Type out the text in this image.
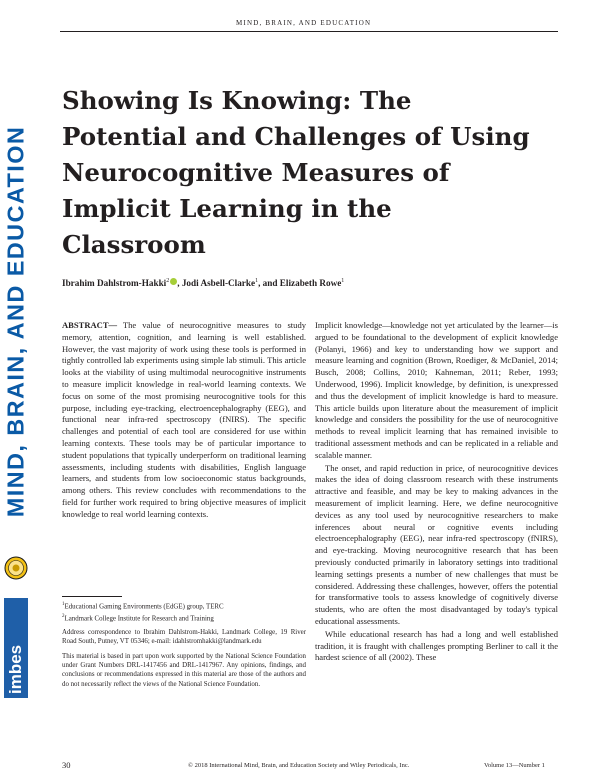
MIND, BRAIN, AND EDUCATION
MIND, BRAIN, AND EDUCATION
imbes
Showing Is Knowing: The Potential and Challenges of Using Neurocognitive Measures of Implicit Learning in the Classroom
Ibrahim Dahlstrom-Hakki$^2$ , Jodi Asbell-Clarke$^1$, and Elizabeth Rowe$^1$

ABSTRACT— The value of neurocognitive measures to study memory, attention, cognition, and learning is well established. However, the vast majority of work using these tools is performed in tightly controlled lab experiments using simple lab stimuli. This article looks at the viability of using multimodal neurocognitive instruments to measure implicit knowledge in real-world learning contexts. We focus on some of the most promising neurocognitive tools for this purpose, including eye-tracking, electroencephalography (EEG), and functional near infra-red spectroscopy (fNIRS). The specific challenges and potential of each tool are considered for use within learning contexts. These tools may be of particular importance to student populations that typically underperform on traditional learning assessments, including students with disabilities, English language learners, and students from low socioeconomic status backgrounds, among others. This review concludes with recommendations to the field for further work required to bring objective measures of implicit knowledge to real world learning contexts.

$^1$Educational Gaming Environments (EdGE) group, TERC

$^2$Landmark College Institute for Research and Training

Address correspondence to Ibrahim Dahlstrom-Hakki, Landmark College, 19 River Road South, Putney, VT 05346; e-mail: idahlstromhakki@landmark.edu

This material is based in part upon work supported by the National Science Foundation under Grant Numbers DRL-1417456 and DRL-1417967. Any opinions, findings, and conclusions or recommendations expressed in this material are those of the authors and do not necessarily reflect the views of the National Science Foundation.

Implicit knowledge—knowledge not yet articulated by the learner—is argued to be foundational to the development of explicit knowledge (Polanyi, 1966) and key to understanding how we support and measure learning and cognition (Brown, Roediger, & McDaniel, 2014; Busch, 2008; Collins, 2010; Kahneman, 2011; Reber, 1993; Underwood, 1996). Implicit knowledge, by definition, is unexpressed and thus the development of implicit knowledge is hard to measure. This article builds upon literature about the measurement of implicit knowledge and considers the possibility for the use of neurocognitive methods to reveal implicit learning that has remained invisible to traditional assessment methods and can be replicated in a reliable and scalable manner.

The onset, and rapid reduction in price, of neurocognitive devices makes the idea of doing classroom research with these instruments attractive and feasible, and may be key to making advances in the measurement of implicit learning. Here, we define neurocognitive devices as any tool used by neurocognitive researchers to make inferences about neural or cognitive events including electroencephalography (EEG), near infra-red spectroscopy (fNIRS), and eye-tracking. Moving neurocognitive research that has been previously conducted primarily in laboratory settings into traditional learning settings presents a number of new challenges that must be considered. Addressing these challenges, however, offers the potential for transformative tools to assess knowledge of cognitively diverse students, who are often the most disadvantaged by today's typical educational assessments.

While educational research has had a long and well established tradition, it is fraught with challenges prompting Berliner to call it the hardest science of all (2002). These

30	© 2018 International Mind, Brain, and Education Society and Wiley Periodicals, Inc.	Volume 13—Number 1
